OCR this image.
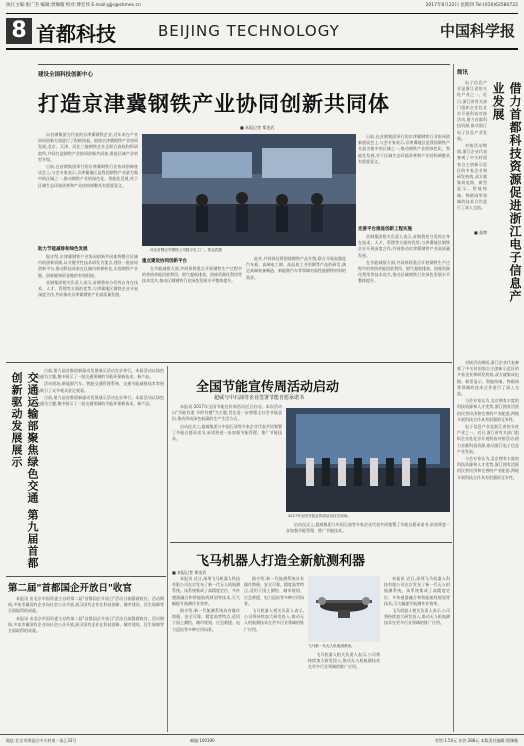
执行主编:张广杰 编辑:贾臻璇 校对:傅宏伟 E-mail:gjjs@stimes.cn	2017年6月22日 星期四 Tel:(010)62580722
8 首都科技	BEIJING TECHNOLOGY	中国科学报
建设全国科技创新中心
打造京津冀钢铁产业协同创新共同体
■ 本报记者 郑金武

以首钢集团为代表的京津冀钢铁企业,近年来在产业协同创新方面进行了积极探索。围绕京津冀钢铁产业协同发展,北京、天津、河北三地钢铁企业正联合高校和科研院所,共同打造钢铁产业协同创新共同体,推进区域产业转型升级。

日前,在首钢集团举行的京津冀钢铁行业协同创新座谈会上,与会专家表示,京津冀地区是我国钢铁产业最为集中的区域之一,推动钢铁产业的绿色化、智能化发展,对于区域生态环境改善和产业结构调整具有重要意义。

河北首钢迁安钢铁公司数字化工厂。郑金武摄
助力节能减排和绿色发展

据介绍,京津冀钢铁产业协同创新共同体将整合区域内的创新资源,以关键共性技术研发为重点,建设一批协同创新平台,推动科技成果在区域内转移转化,实现钢铁产业链、创新链和资金链的有效衔接。

首钢集团相关负责人表示,首钢将充分发挥自身在技术、人才、管理等方面的优势,与津冀地区钢铁企业开展深度合作,共同推动京津冀钢铁产业高质量发展。

重点建设协同创新平台

在节能减排方面,共同体将重点开展钢铁生产过程中的余热余能回收利用、烟气超低排放、固废资源化利用等技术攻关,推动区域钢铁行业绿色发展水平整体提升。

此外,共同体还将围绕钢铁产品升级,联合开展高强度汽车板、高端电工钢、高品质工业用钢等产品的研发,满足高端装备制造、新能源汽车等领域对高性能钢铁材料的需求。

日前,在首钢集团举行的京津冀钢铁行业协同创新座谈会上,与会专家表示,京津冀地区是我国钢铁产业最为集中的区域之一,推动钢铁产业的绿色化、智能化发展,对于区域生态环境改善和产业结构调整具有重要意义。

完善平台推进创新工程实施

首钢集团相关负责人表示,首钢将充分发挥自身在技术、人才、管理等方面的优势,与津冀地区钢铁企业开展深度合作,共同推动京津冀钢铁产业高质量发展。

在节能减排方面,共同体将重点开展钢铁生产过程中的余热余能回收利用、烟气超低排放、固废资源化利用等技术攻关,推动区域钢铁行业绿色发展水平整体提升。

简讯
借力首都科技资源促进浙江电子信息产业发展
■ 高博

电子信息产业是浙江省的支柱产业之一。近日,浙江省有关部门组织企业赴北京开展科技对接活动,借力首都科技资源,推动浙江电子信息产业发展。

对接活动期间,浙江企业代表参观了中关村国家自主创新示范区的多家企业和研发机构,双方就集成电路、新型显示、智能终端、物联网等领域的技术合作进行了深入交流。

对接活动期间,浙江企业代表参观了中关村国家自主创新示范区的多家企业和研发机构,双方就集成电路、新型显示、智能终端、物联网等领域的技术合作进行了深入交流。

与会专家认为,北京拥有丰富的科技资源和人才优势,浙江拥有活跃的民营经济和完善的产业配套,两地开展科技合作具有很强的互补性。

电子信息产业是浙江省的支柱产业之一。近日,浙江省有关部门组织企业赴北京开展科技对接活动,借力首都科技资源,推动浙江电子信息产业发展。

与会专家认为,北京拥有丰富的科技资源和人才优势,浙江拥有活跃的民营经济和完善的产业配套,两地开展科技合作具有很强的互补性。

交通运输部聚焦绿色交通 第九届首都创新驱动发展展示

日前,第九届首都创新驱动发展展示活动在京举行。本届活动以绿色交通为主题,集中展示了一批交通领域的节能环保新技术、新产品。

活动现场,新能源汽车、智能交通管理系统、交通节能减排技术等展品吸引了众多观众驻足观看。

日前,第九届首都创新驱动发展展示活动在京举行。本届活动以绿色交通为主题,集中展示了一批交通领域的节能环保新技术、新产品。

第二届"首都国企开放日"收官

本报讯 由北京市国资委主办的第二届"首都国企开放日"活动日前圆满收官。活动期间,多家市属国有企业向社会公众开放,展示国有企业在科技创新、城市建设、民生保障等方面取得的成就。

本报讯 由北京市国资委主办的第二届"首都国企开放日"活动日前圆满收官。活动期间,多家市属国有企业向社会公众开放,展示国有企业在科技创新、城市建设、民生保障等方面取得的成就。

全国节能宣传周活动启动
超威与中石油等企业签署节能自愿承诺书

本报讯 2017年全国节能宣传周活动近日启动。本次活动以"节能有道 节俭有德"为主题,旨在进一步增强全社会节能意识,推动形成绿色低碳的生产生活方式。

启动仪式上,超威集团与中国石油等多家企业代表共同签署了节能自愿承诺书,承诺将进一步加强节能管理、推广节能技术。

2017年全国节能宣传周启动仪式现场。

启动仪式上,超威集团与中国石油等多家企业代表共同签署了节能自愿承诺书,承诺将进一步加强节能管理、推广节能技术。

飞马机器人打造全新航测利器
■ 本报记者 郑金武

本报讯 近日,深圳飞马机器人科技有限公司在京发布了新一代无人机航测系统。该系统集成了高精度定位、多传感器融合和智能航线规划等技术,可大幅提升航测作业效率。

据介绍,新一代航测系统具有操作简便、安全可靠、精度高等特点,适用于国土测绘、城市规划、应急救援、电力巡检等多种应用场景。

据介绍,新一代航测系统具有操作简便、安全可靠、精度高等特点,适用于国土测绘、城市规划、应急救援、电力巡检等多种应用场景。

飞马机器人相关负责人表示,公司将持续加大研发投入,推动无人机航测技术在更多行业领域的推广应用。

飞马新一代无人机航测系统。

飞马机器人相关负责人表示,公司将持续加大研发投入,推动无人机航测技术在更多行业领域的推广应用。

本报讯 近日,深圳飞马机器人科技有限公司在京发布了新一代无人机航测系统。该系统集成了高精度定位、多传感器融合和智能航线规划等技术,可大幅提升航测作业效率。

飞马机器人相关负责人表示,公司将持续加大研发投入,推动无人机航测技术在更多行业领域的推广应用。

地址:北京市海淀区中关村南一条乙33号	邮编:100190	零售:1.50元 年价:288元 本版责任编辑:贾臻璇
